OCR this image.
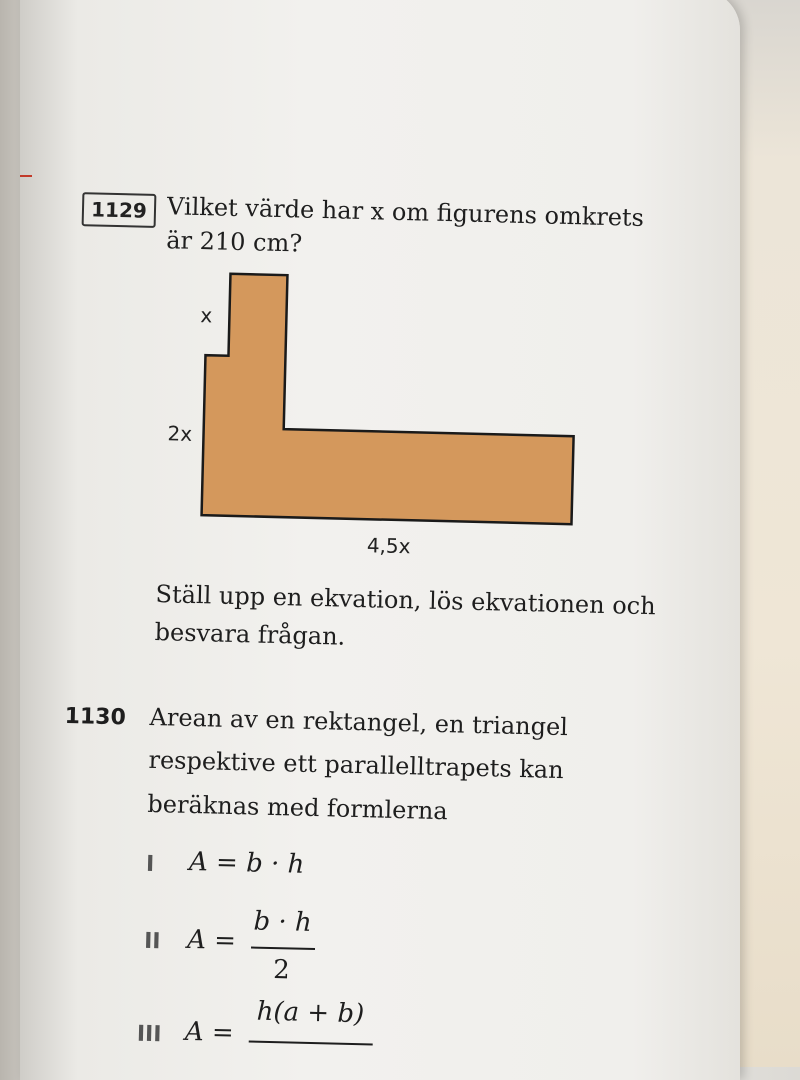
1129 Vilket värde har x om figurens omkrets
är 210 cm?
x
2x
4,5x
Ställ upp en ekvation, lös ekvationen och
besvara frågan.
1130 Arean av en rektangel, en triangel
respektive ett parallelltrapets kan
beräknas med formlerna
I A = b · h
II A =
b · h
2
III A =
h(a + b)
